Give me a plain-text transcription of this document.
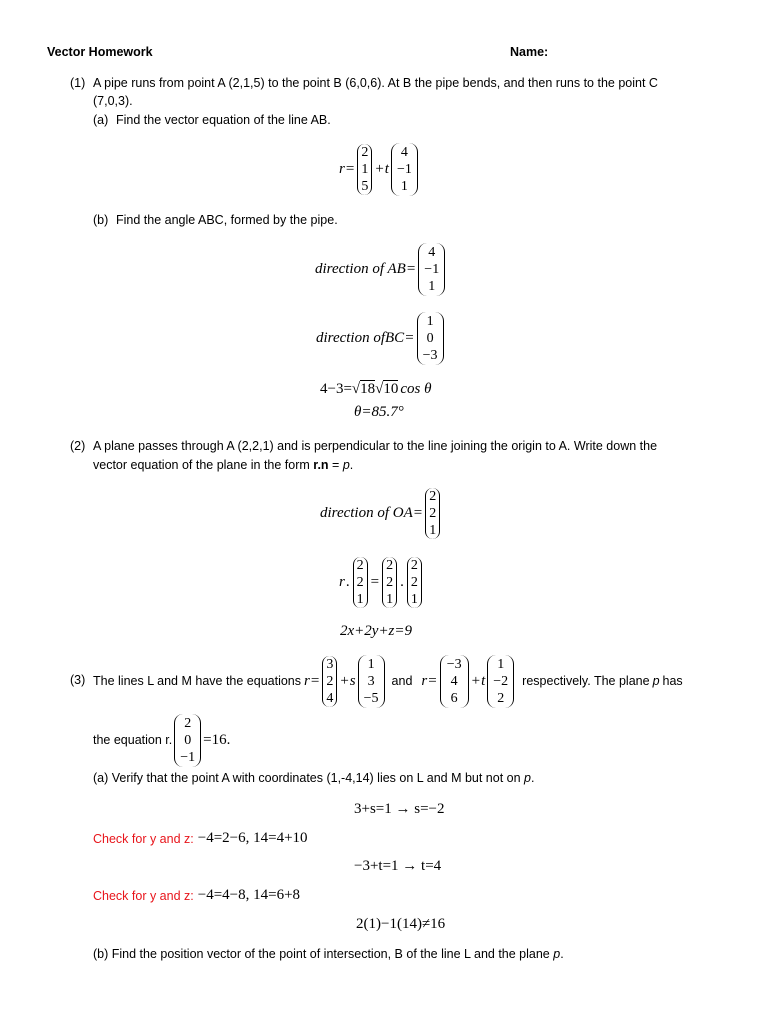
Vector Homework	Name:
(1) A pipe runs from point A (2,1,5) to the point B (6,0,6). At B the pipe bends, and then runs to the point C
(7,0,3).
(a) Find the vector equation of the line AB.
r =
2
1
5
+ t
4
−1
1
(b) Find the angle ABC, formed by the pipe.
direction of AB =
4
−1
1
direction ofBC =
1
0
−3
4−3= √ 18 √ 10 cos θ
θ=85.7°
(2) A plane passes through A (2,2,1) and is perpendicular to the line joining the origin to A. Write down the
vector equation of the plane in the form r.n = p.
direction of OA =
2
2
1
r .
2
2
1
=
2
2
1
.
2
2
1
2x+2y+z=9
(3) The lines L and M have the equations r =
3
2
4
+ s
1
3
−5
and r =
−3
4
6
+ t
1
−2
2
respectively. The plane p has
the equation r.
2
0
−1
=16.
(a) Verify that the point A with coordinates (1,-4,14) lies on L and M but not on p.
3+s=1 → s=−2
Check for y and z: −4=2−6, 14=4+10
−3+t=1 → t=4
Check for y and z: −4=4−8, 14=6+8
2(1)−1(14)≠16
(b) Find the position vector of the point of intersection, B of the line L and the plane p.
